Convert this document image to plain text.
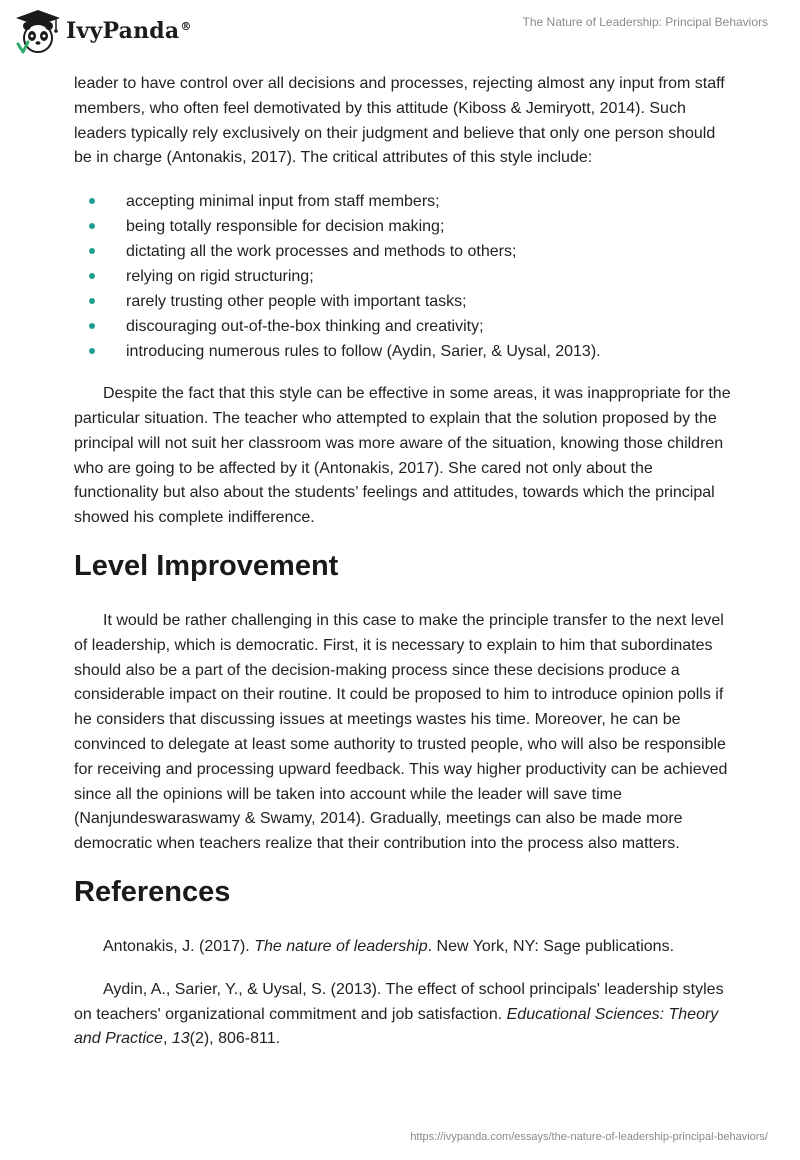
IvyPanda®	The Nature of Leadership: Principal Behaviors

leader to have control over all decisions and processes, rejecting almost any input from staff members, who often feel demotivated by this attitude (Kiboss & Jemiryott, 2014). Such leaders typically rely exclusively on their judgment and believe that only one person should be in charge (Antonakis, 2017). The critical attributes of this style include:

accepting minimal input from staff members;
being totally responsible for decision making;
dictating all the work processes and methods to others;
relying on rigid structuring;
rarely trusting other people with important tasks;
discouraging out-of-the-box thinking and creativity;
introducing numerous rules to follow (Aydin, Sarier, & Uysal, 2013).

Despite the fact that this style can be effective in some areas, it was inappropriate for the particular situation. The teacher who attempted to explain that the solution proposed by the principal will not suit her classroom was more aware of the situation, knowing those children who are going to be affected by it (Antonakis, 2017). She cared not only about the functionality but also about the students’ feelings and attitudes, towards which the principal showed his complete indifference.

Level Improvement

It would be rather challenging in this case to make the principle transfer to the next level of leadership, which is democratic. First, it is necessary to explain to him that subordinates should also be a part of the decision-making process since these decisions produce a considerable impact on their routine. It could be proposed to him to introduce opinion polls if he considers that discussing issues at meetings wastes his time. Moreover, he can be convinced to delegate at least some authority to trusted people, who will also be responsible for receiving and processing upward feedback. This way higher productivity can be achieved since all the opinions will be taken into account while the leader will save time (Nanjundeswaraswamy & Swamy, 2014). Gradually, meetings can also be made more democratic when teachers realize that their contribution into the process also matters.

References

Antonakis, J. (2017). The nature of leadership. New York, NY: Sage publications.

Aydin, A., Sarier, Y., & Uysal, S. (2013). The effect of school principals' leadership styles on teachers' organizational commitment and job satisfaction. Educational Sciences: Theory and Practice, 13(2), 806-811.

https://ivypanda.com/essays/the-nature-of-leadership-principal-behaviors/
